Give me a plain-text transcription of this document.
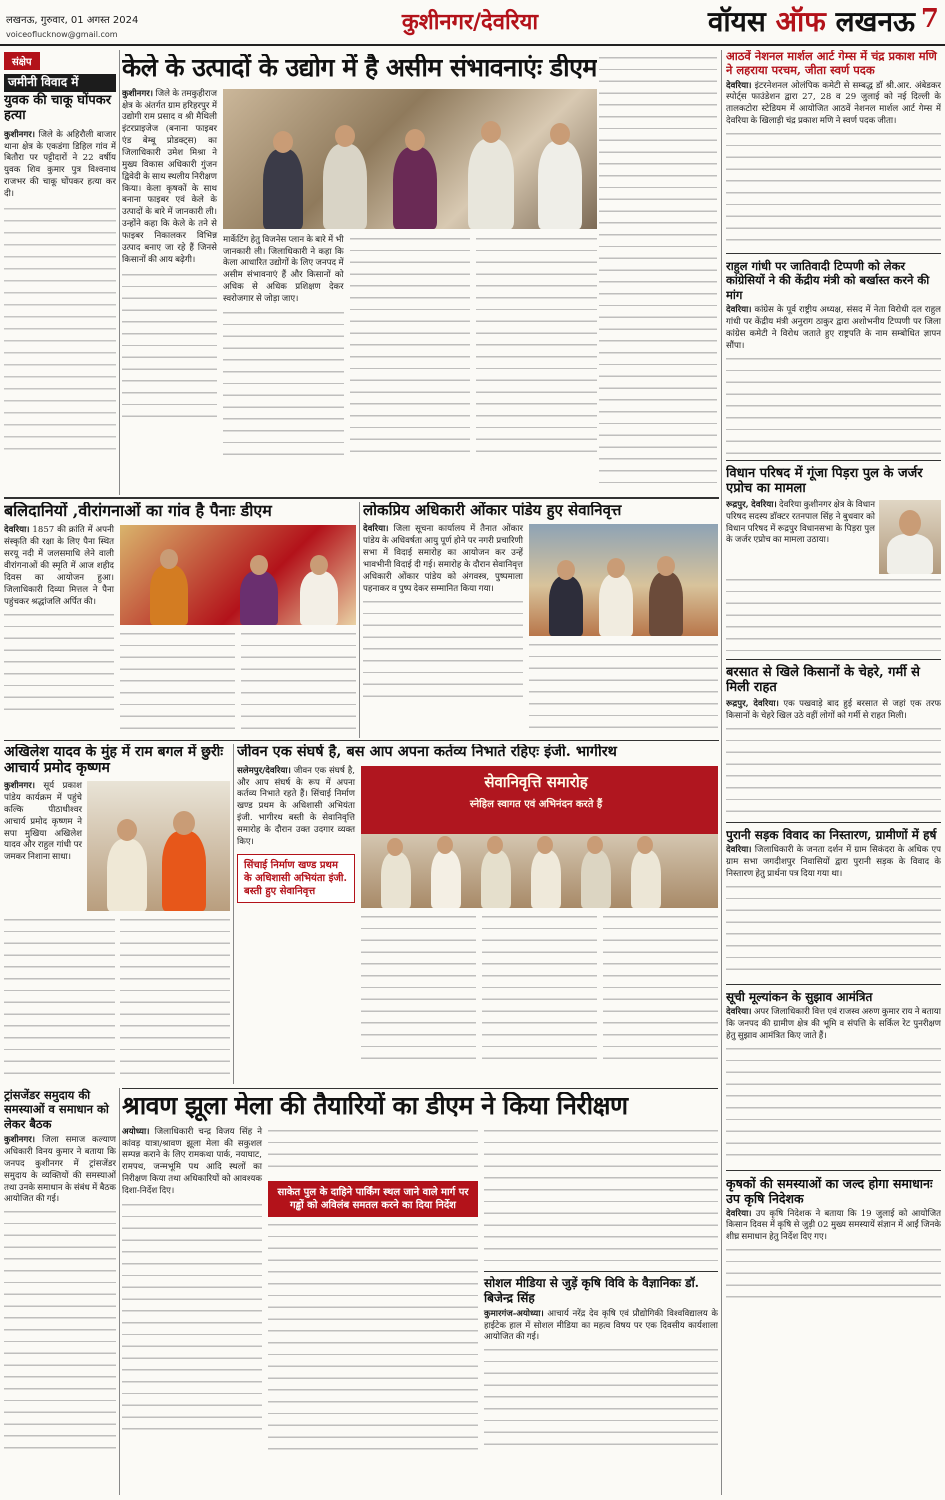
लखनऊ, गुरुवार, 01 अगस्त 2024
voiceoflucknow@gmail.com	कुशीनगर/देवरिया	वॉयस ऑफ लखनऊ 7
संक्षेप
जमीनी विवाद में
युवक की चाकू घोंपकर हत्या

कुशीनगर। जिले के अहिरौली बाजार थाना क्षेत्र के एकडंगा डिहिल गांव में बितौरा पर पट्टीदारों ने 22 वर्षीय युवक शिव कुमार पुत्र विश्वनाथ राजभर की चाकू घोंपकर हत्या कर दी।

केले के उत्पादों के उद्योग में है असीम संभावनाएंः डीएम

कुशीनगर। जिले के तमकुहीराज क्षेत्र के अंतर्गत ग्राम हरिहरपुर में उद्योगी राम प्रसाद व श्री मैथिली इंटरप्राइजेज (बनाना फाइबर एंड बेम्बू प्रोडक्ट्स) का जिलाधिकारी उमेश मिश्रा ने मुख्य विकास अधिकारी गुंजन द्विवेदी के साथ स्थलीय निरीक्षण किया। केला कृषकों के साथ बनाना फाइबर एवं केले के उत्पादों के बारे में जानकारी ली। उन्होंने कहा कि केले के तने से फाइबर निकालकर विभिन्न उत्पाद बनाए जा रहे हैं जिनसे किसानों की आय बढ़ेगी।

मार्केटिंग हेतु विजनेस प्लान के बारे में भी जानकारी ली। जिलाधिकारी ने कहा कि केला आधारित उद्योगों के लिए जनपद में असीम संभावनाएं हैं और किसानों को अधिक से अधिक प्रशिक्षण देकर स्वरोजगार से जोड़ा जाए।

आठवें नेशनल मार्शल आर्ट गेम्स में चंद्र प्रकाश मणि ने लहराया परचम, जीता स्वर्ण पदक

देवरिया। इंटरनेशनल ओलंपिक कमेटी से सम्बद्ध डॉ श्री.आर. अंबेडकर स्पोर्ट्स फाउंडेशन द्वारा 27, 28 व 29 जुलाई को नई दिल्ली के तालकटोरा स्टेडियम में आयोजित आठवें नेशनल मार्शल आर्ट गेम्स में देवरिया के खिलाड़ी चंद्र प्रकाश मणि ने स्वर्ण पदक जीता।

राहुल गांधी पर जातिवादी टिप्पणी को लेकर कांग्रेसियों ने की केंद्रीय मंत्री को बर्खास्त करने की मांग

देवरिया। कांग्रेस के पूर्व राष्ट्रीय अध्यक्ष, संसद में नेता विरोधी दल राहुल गांधी पर केंद्रीय मंत्री अनुराग ठाकुर द्वारा अशोभनीय टिप्पणी पर जिला कांग्रेस कमेटी ने विरोध जताते हुए राष्ट्रपति के नाम सम्बोधित ज्ञापन सौंपा।

विधान परिषद में गूंजा पिड़रा पुल के जर्जर एप्रोच का मामला

रूद्रपुर, देवरिया। देवरिया कुशीनगर क्षेत्र के विधान परिषद सदस्य डॉक्टर रतनपाल सिंह ने बुधवार को विधान परिषद में रूद्रपुर विधानसभा के पिड़रा पुल के जर्जर एप्रोच का मामला उठाया।

बरसात से खिले किसानों के चेहरे, गर्मी से मिली राहत

रूद्रपुर, देवरिया। एक पखवाड़े बाद हुई बरसात से जहां एक तरफ किसानों के चेहरे खिल उठे वहीं लोगों को गर्मी से राहत मिली।

पुरानी सड़क विवाद का निस्तारण, ग्रामीणों में हर्ष

देवरिया। जिलाधिकारी के जनता दर्शन में ग्राम सिकंदरा के अधिक एप ग्राम सभा जगदीशपुर निवासियों द्वारा पुरानी सड़क के विवाद के निस्तारण हेतु प्रार्थना पत्र दिया गया था।

सूची मूल्यांकन के सुझाव आमंत्रित

देवरिया। अपर जिलाधिकारी वित्त एवं राजस्व अरुण कुमार राय ने बताया कि जनपद की ग्रामीण क्षेत्र की भूमि व संपत्ति के सर्किल रेट पुनरीक्षण हेतु सुझाव आमंत्रित किए जाते हैं।

कृषकों की समस्याओं का जल्द होगा समाधानः उप कृषि निदेशक

देवरिया। उप कृषि निदेशक ने बताया कि 19 जुलाई को आयोजित किसान दिवस में कृषि से जुड़ी 02 मुख्य समस्यायें संज्ञान में आईं जिनके शीघ्र समाधान हेतु निर्देश दिए गए।

बलिदानियों ,वीरांगनाओं का गांव है पैनाः डीएम

देवरिया। 1857 की क्रांति में अपनी संस्कृति की रक्षा के लिए पैना स्थित सरयू नदी में जलसमाधि लेने वाली वीरांगनाओं की स्मृति में आज शहीद दिवस का आयोजन हुआ। जिलाधिकारी दिव्या मित्तल ने पैना पहुंचकर श्रद्धांजलि अर्पित की।

लोकप्रिय अधिकारी ओंकार पांडेय हुए सेवानिवृत्त

देवरिया। जिला सूचना कार्यालय में तैनात ओंकार पांडेय के अधिवर्षता आयु पूर्ण होने पर नगरी प्रचारिणी सभा में विदाई समारोह का आयोजन कर उन्हें भावभीनी विदाई दी गई। समारोह के दौरान सेवानिवृत्त अधिकारी ओंकार पांडेय को अंगवस्त्र, पुष्पमाला पहनाकर व पुष्प देकर सम्मानित किया गया।

अखिलेश यादव के मुंह में राम बगल में छुरीः आचार्य प्रमोद कृष्णम

कुशीनगर। सूर्य प्रकाश पांडेय कार्यक्रम में पहुंचे कल्कि पीठाधीश्वर आचार्य प्रमोद कृष्णम ने सपा मुखिया अखिलेश यादव और राहुल गांधी पर जमकर निशाना साधा।

जीवन एक संघर्ष है, बस आप अपना कर्तव्य निभाते रहिएः इंजी. भागीरथ

सलेमपुर/देवरिया। जीवन एक संघर्ष है, और आप संघर्ष के रूप में अपना कर्तव्य निभाते रहते हैं। सिंचाई निर्माण खण्ड प्रथम के अधिशासी अभियंता इंजी. भागीरथ बस्ती के सेवानिवृत्ति समारोह के दौरान उक्त उदगार व्यक्त किए।

सिंचाई निर्माण खण्ड प्रथम के अधिशासी अभियंता इंजी. बस्ती हुए सेवानिवृत्त
सेवानिवृत्ति समारोह
स्नेहिल स्वागत एवं अभिनंदन करते हैं
ट्रांसजेंडर समुदाय की समस्याओं व समाधान को लेकर बैठक

कुशीनगर। जिला समाज कल्याण अधिकारी विनय कुमार ने बताया कि जनपद कुशीनगर में ट्रांसजेंडर समुदाय के व्यक्तियों की समस्याओं तथा उनके समाधान के संबंध में बैठक आयोजित की गई।

श्रावण झूला मेला की तैयारियों का डीएम ने किया निरीक्षण

अयोध्या। जिलाधिकारी चन्द्र विजय सिंह ने कांवड़ यात्रा/श्रावण झूला मेला की सकुशल सम्पन्न कराने के लिए रामकथा पार्क, नयाघाट, रामपथ, जन्मभूमि पथ आदि स्थलों का निरीक्षण किया तथा अधिकारियों को आवश्यक दिशा-निर्देश दिए।	साकेत पुल के दाहिने पार्किंग स्थल जाने वाले मार्ग पर गड्ढों को अविलंब समतल करने का दिया निर्देश
सोशल मीडिया से जुड़ें कृषि विवि के वैज्ञानिकः डॉ. बिजेन्द्र सिंह

कुमारगंज-अयोध्या। आचार्य नरेंद्र देव कृषि एवं प्रौद्योगिकी विश्वविद्यालय के हाईटेक हाल में सोशल मीडिया का महत्व विषय पर एक दिवसीय कार्यशाला आयोजित की गई।
